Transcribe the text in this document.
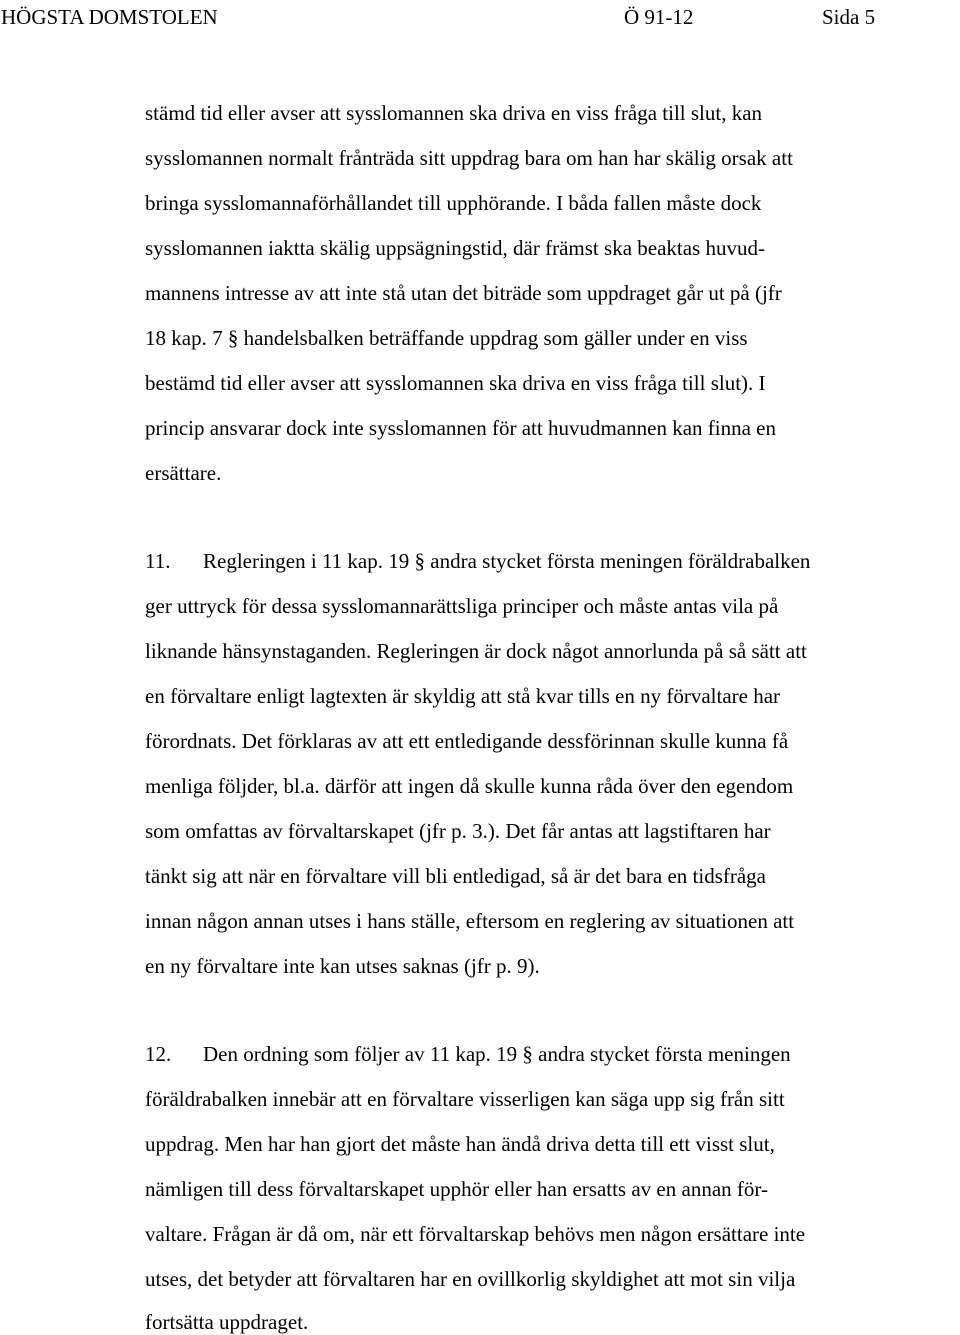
HÖGSTA DOMSTOLEN	Ö 91-12	Sida 5
stämd tid eller avser att sysslomannen ska driva en viss fråga till slut, kan
sysslomannen normalt frånträda sitt uppdrag bara om han har skälig orsak att
bringa sysslomannaförhållandet till upphörande. I båda fallen måste dock
sysslomannen iaktta skälig uppsägningstid, där främst ska beaktas huvud-
mannens intresse av att inte stå utan det biträde som uppdraget går ut på (jfr
18 kap. 7 § handelsbalken beträffande uppdrag som gäller under en viss
bestämd tid eller avser att sysslomannen ska driva en viss fråga till slut). I
princip ansvarar dock inte sysslomannen för att huvudmannen kan finna en
ersättare.
11. Regleringen i 11 kap. 19 § andra stycket första meningen föräldrabalken
ger uttryck för dessa sysslomannarättsliga principer och måste antas vila på
liknande hänsynstaganden. Regleringen är dock något annorlunda på så sätt att
en förvaltare enligt lagtexten är skyldig att stå kvar tills en ny förvaltare har
förordnats. Det förklaras av att ett entledigande dessförinnan skulle kunna få
menliga följder, bl.a. därför att ingen då skulle kunna råda över den egendom
som omfattas av förvaltarskapet (jfr p. 3.). Det får antas att lagstiftaren har
tänkt sig att när en förvaltare vill bli entledigad, så är det bara en tidsfråga
innan någon annan utses i hans ställe, eftersom en reglering av situationen att
en ny förvaltare inte kan utses saknas (jfr p. 9).
12. Den ordning som följer av 11 kap. 19 § andra stycket första meningen
föräldrabalken innebär att en förvaltare visserligen kan säga upp sig från sitt
uppdrag. Men har han gjort det måste han ändå driva detta till ett visst slut,
nämligen till dess förvaltarskapet upphör eller han ersatts av en annan för-
valtare. Frågan är då om, när ett förvaltarskap behövs men någon ersättare inte
utses, det betyder att förvaltaren har en ovillkorlig skyldighet att mot sin vilja
fortsätta uppdraget.
